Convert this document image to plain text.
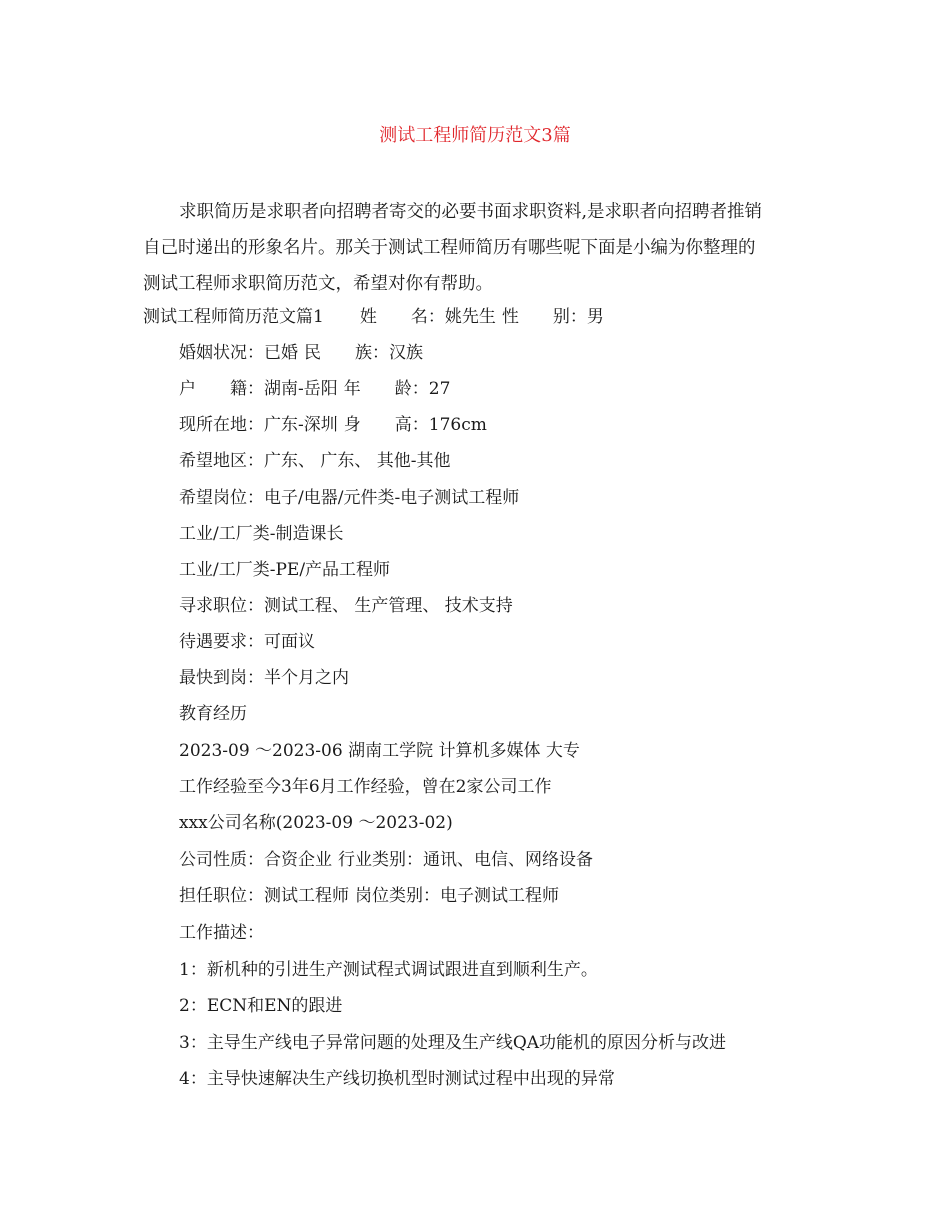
测试工程师简历范文3篇

求职简历是求职者向招聘者寄交的必要书面求职资料,是求职者向招聘者推销

自己时递出的形象名片。那关于测试工程师简历有哪些呢下面是小编为你整理的

测试工程师求职简历范文，希望对你有帮助。

测试工程师简历范文篇1 姓　　名：姚先生 性　　别：男
婚姻状况：已婚 民　　族：汉族
户　　籍：湖南-岳阳 年　　龄：27
现所在地：广东-深圳 身　　高：176cm
希望地区：广东、 广东、 其他-其他
希望岗位：电子/电器/元件类-电子测试工程师
工业/工厂类-制造课长
工业/工厂类-PE/产品工程师
寻求职位：测试工程、 生产管理、 技术支持
待遇要求：可面议
最快到岗：半个月之内
教育经历
2023-09 ～2023-06 湖南工学院 计算机多媒体 大专
工作经验至今3年6月工作经验，曾在2家公司工作
xxx公司名称(2023-09 ～2023-02)
公司性质：合资企业 行业类别：通讯、电信、网络设备
担任职位：测试工程师 岗位类别：电子测试工程师
工作描述：
1：新机种的引进生产测试程式调试跟进直到顺利生产。
2：ECN和EN的跟进
3：主导生产线电子异常问题的处理及生产线QA功能机的原因分析与改进
4：主导快速解决生产线切换机型时测试过程中出现的异常
